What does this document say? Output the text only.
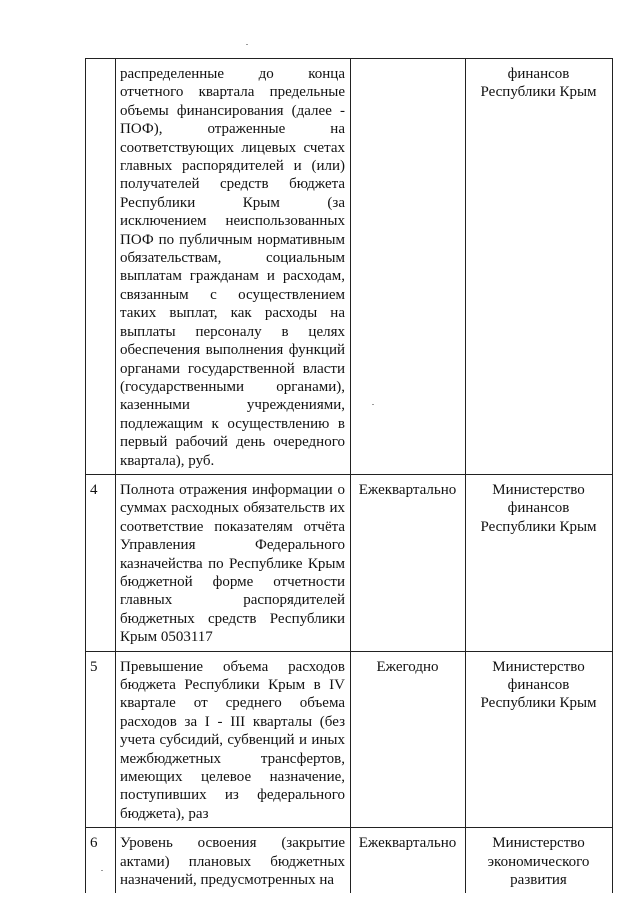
	распределенные до конца отчетного квартала предельные объемы финансирования (далее - ПОФ), отраженные на соответствующих лицевых счетах главных распорядителей и (или) получателей средств бюджета Республики Крым (за исключением неиспользованных ПОФ по публичным нормативным обязательствам, социальным выплатам гражданам и расходам, связанным с осуществлением таких выплат, как расходы на выплаты персоналу в целях обеспечения выполнения функций органами государственной власти (государственными органами), казенными учреждениями, подлежащим к осуществлению в первый рабочий день очередного квартала), руб.		финансов Республики Крым
4	Полнота отражения информации о суммах расходных обязательств их соответствие показателям отчёта Управления Федерального казначейства по Республике Крым бюджетной форме отчетности главных распорядителей бюджетных средств Республики Крым 0503117	Ежеквартально	Министерство финансов Республики Крым
5	Превышение объема расходов бюджета Республики Крым в IV квартале от среднего объема расходов за I - III кварталы (без учета субсидий, субвенций и иных межбюджетных трансфертов, имеющих целевое назначение, поступивших из федерального бюджета), раз	Ежегодно	Министерство финансов Республики Крым
6	Уровень освоения (закрытие актами) плановых бюджетных назначений, предусмотренных на	Ежеквартально	Министерство экономического развития
